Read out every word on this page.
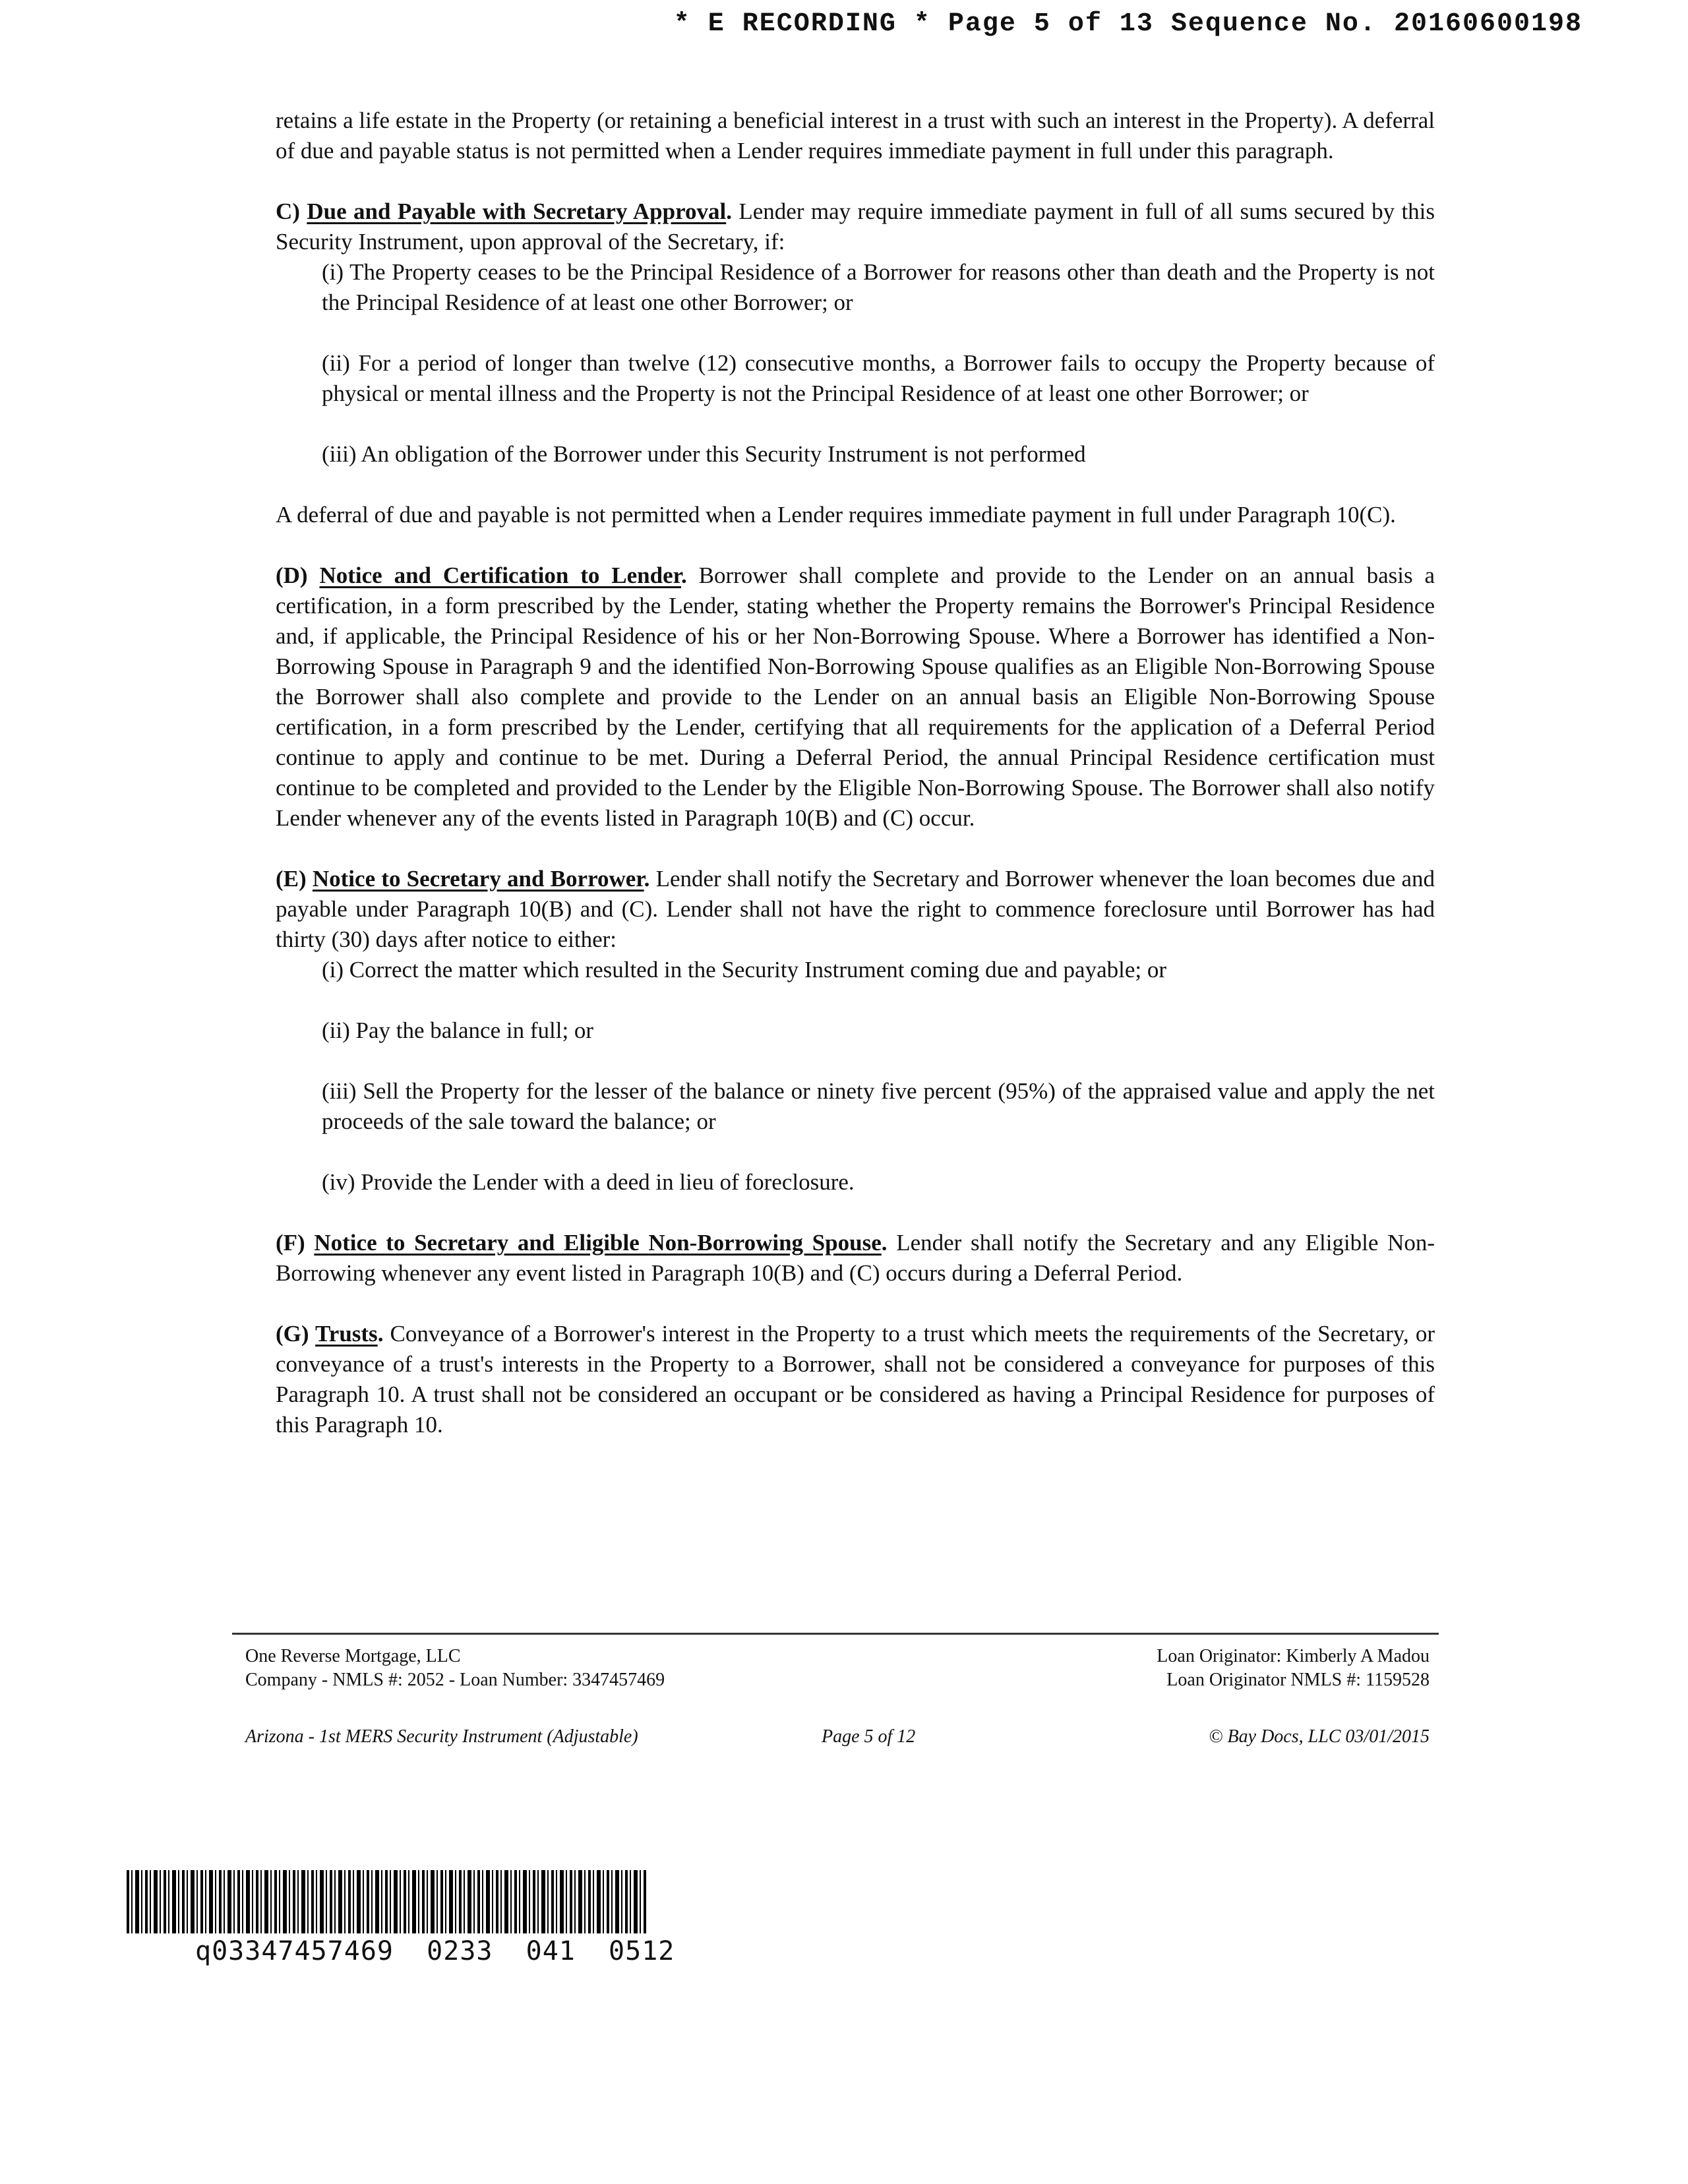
* E RECORDING * Page 5 of 13 Sequence No. 20160600198

retains a life estate in the Property (or retaining a beneficial interest in a trust with such an interest in the Property). A deferral of due and payable status is not permitted when a Lender requires immediate payment in full under this paragraph.

C) Due and Payable with Secretary Approval. Lender may require immediate payment in full of all sums secured by this Security Instrument, upon approval of the Secretary, if:

(i) The Property ceases to be the Principal Residence of a Borrower for reasons other than death and the Property is not the Principal Residence of at least one other Borrower; or

(ii) For a period of longer than twelve (12) consecutive months, a Borrower fails to occupy the Property because of physical or mental illness and the Property is not the Principal Residence of at least one other Borrower; or

(iii) An obligation of the Borrower under this Security Instrument is not performed

A deferral of due and payable is not permitted when a Lender requires immediate payment in full under Paragraph 10(C).

(D) Notice and Certification to Lender. Borrower shall complete and provide to the Lender on an annual basis a certification, in a form prescribed by the Lender, stating whether the Property remains the Borrower's Principal Residence and, if applicable, the Principal Residence of his or her Non-Borrowing Spouse. Where a Borrower has identified a Non-Borrowing Spouse in Paragraph 9 and the identified Non-Borrowing Spouse qualifies as an Eligible Non-Borrowing Spouse the Borrower shall also complete and provide to the Lender on an annual basis an Eligible Non-Borrowing Spouse certification, in a form prescribed by the Lender, certifying that all requirements for the application of a Deferral Period continue to apply and continue to be met. During a Deferral Period, the annual Principal Residence certification must continue to be completed and provided to the Lender by the Eligible Non-Borrowing Spouse. The Borrower shall also notify Lender whenever any of the events listed in Paragraph 10(B) and (C) occur.

(E) Notice to Secretary and Borrower. Lender shall notify the Secretary and Borrower whenever the loan becomes due and payable under Paragraph 10(B) and (C). Lender shall not have the right to commence foreclosure until Borrower has had thirty (30) days after notice to either:

(i) Correct the matter which resulted in the Security Instrument coming due and payable; or

(ii) Pay the balance in full; or

(iii) Sell the Property for the lesser of the balance or ninety five percent (95%) of the appraised value and apply the net proceeds of the sale toward the balance; or

(iv) Provide the Lender with a deed in lieu of foreclosure.

(F) Notice to Secretary and Eligible Non-Borrowing Spouse. Lender shall notify the Secretary and any Eligible Non-Borrowing whenever any event listed in Paragraph 10(B) and (C) occurs during a Deferral Period.

(G) Trusts. Conveyance of a Borrower's interest in the Property to a trust which meets the requirements of the Secretary, or conveyance of a trust's interests in the Property to a Borrower, shall not be considered a conveyance for purposes of this Paragraph 10. A trust shall not be considered an occupant or be considered as having a Principal Residence for purposes of this Paragraph 10.

One Reverse Mortgage, LLC
Company - NMLS #: 2052 - Loan Number: 3347457469
Loan Originator: Kimberly A Madou
Loan Originator NMLS #: 1159528
Arizona - 1st MERS Security Instrument (Adjustable)	Page 5 of 12	© Bay Docs, LLC 03/01/2015
q03347457469  0233  041  0512
